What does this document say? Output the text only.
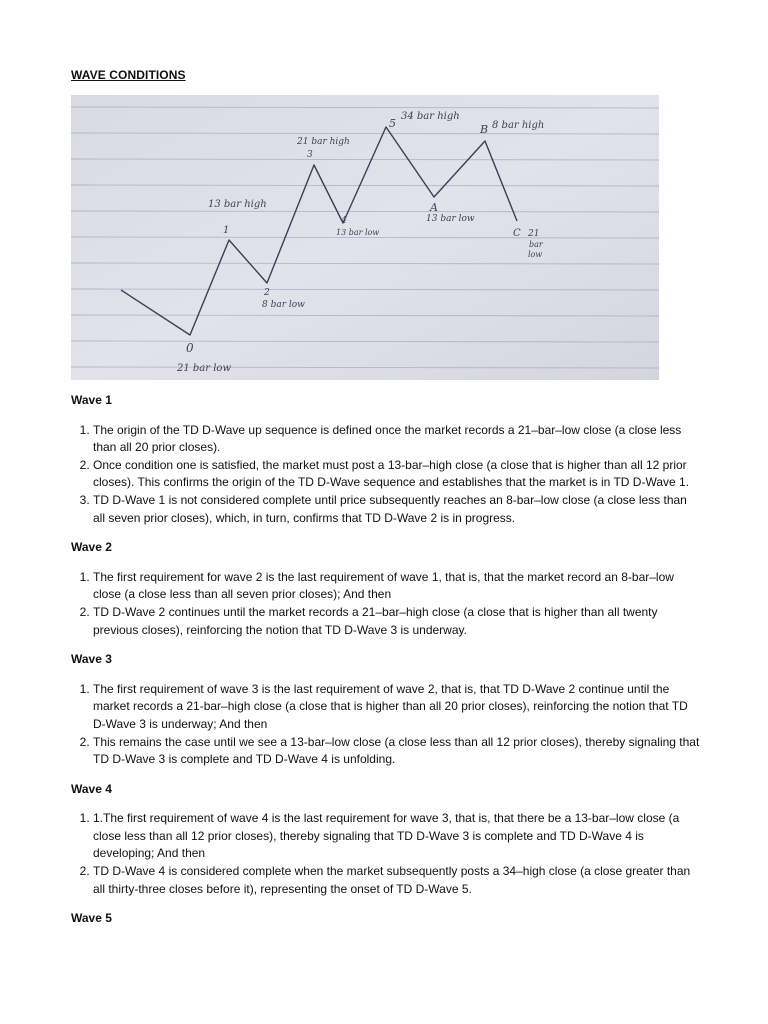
WAVE CONDITIONS
0
21 bar low
1
13 bar high
2
8 bar low
3
21 bar high
4
13 bar low
5
34 bar high
A
13 bar low
B 8 bar high
C 21
bar
low
Wave 1
1. The origin of the TD D-Wave up sequence is defined once the market records a 21–bar–low close (a close less than all 20 prior closes).
2. Once condition one is satisfied, the market must post a 13-bar–high close (a close that is higher than all 12 prior closes). This confirms the origin of the TD D-Wave sequence and establishes that the market is in TD D-Wave 1.
3. TD D-Wave 1 is not considered complete until price subsequently reaches an 8-bar–low close (a close less than all seven prior closes), which, in turn, confirms that TD D-Wave 2 is in progress.
Wave 2
1. The first requirement for wave 2 is the last requirement of wave 1, that is, that the market record an 8-bar–low close (a close less than all seven prior closes); And then
2. TD D-Wave 2 continues until the market records a 21–bar–high close (a close that is higher than all twenty previous closes), reinforcing the notion that TD D-Wave 3 is underway.
Wave 3
1. The first requirement of wave 3 is the last requirement of wave 2, that is, that TD D-Wave 2 continue until the market records a 21-bar–high close (a close that is higher than all 20 prior closes), reinforcing the notion that TD D-Wave 3 is underway; And then
2. This remains the case until we see a 13-bar–low close (a close less than all 12 prior closes), thereby signaling that TD D-Wave 3 is complete and TD D-Wave 4 is unfolding.
Wave 4
1. 1.The first requirement of wave 4 is the last requirement for wave 3, that is, that there be a 13-bar–low close (a close less than all 12 prior closes), thereby signaling that TD D-Wave 3 is complete and TD D-Wave 4 is developing; And then
2. TD D-Wave 4 is considered complete when the market subsequently posts a 34–high close (a close greater than all thirty-three closes before it), representing the onset of TD D-Wave 5.
Wave 5
